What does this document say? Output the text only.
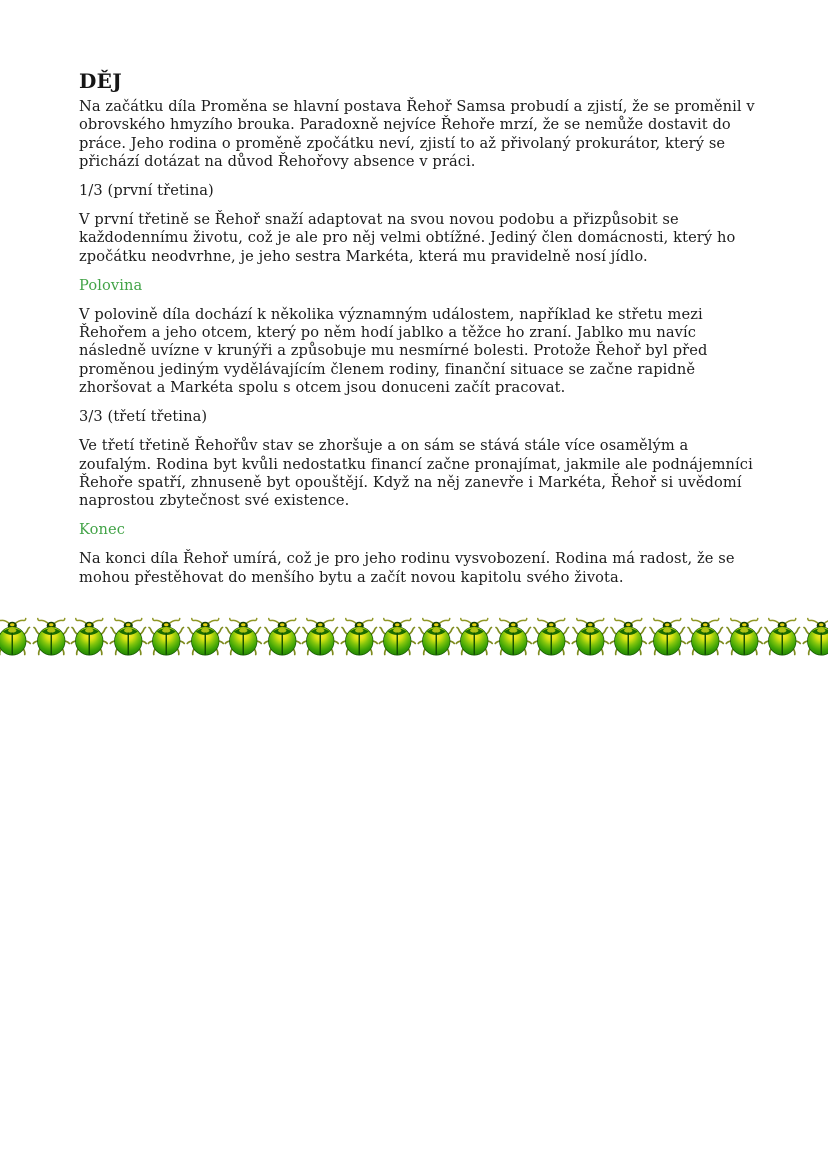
DĚJ

Na začátku díla Proměna se hlavní postava Řehoř Samsa probudí a zjistí, že se proměnil v obrovského hmyzího brouka. Paradoxně nejvíce Řehoře mrzí, že se nemůže dostavit do práce. Jeho rodina o proměně zpočátku neví, zjistí to až přivolaný prokurátor, který se přichází dotázat na důvod Řehořovy absence v práci.

1/3 (první třetina)

V první třetině se Řehoř snaží adaptovat na svou novou podobu a přizpůsobit se každodennímu životu, což je ale pro něj velmi obtížné. Jediný člen domácnosti, který ho zpočátku neodvrhne, je jeho sestra Markéta, která mu pravidelně nosí jídlo.

Polovina

V polovině díla dochází k několika významným událostem, například ke střetu mezi Řehořem a jeho otcem, který po něm hodí jablko a těžce ho zraní. Jablko mu navíc následně uvízne v krunýři a způsobuje mu nesmírné bolesti. Protože Řehoř byl před proměnou jediným vydělávajícím členem rodiny, finanční situace se začne rapidně zhoršovat a Markéta spolu s otcem jsou donuceni začít pracovat.

3/3 (třetí třetina)

Ve třetí třetině Řehořův stav se zhoršuje a on sám se stává stále více osamělým a zoufalým. Rodina byt kvůli nedostatku financí začne pronajímat, jakmile ale podnájemníci Řehoře spatří, zhnuseně byt opouštějí. Když na něj zanevře i Markéta, Řehoř si uvědomí naprostou zbytečnost své existence.

Konec

Na konci díla Řehoř umírá, což je pro jeho rodinu vysvobození. Rodina má radost, že se mohou přestěhovat do menšího bytu a začít novou kapitolu svého života.
